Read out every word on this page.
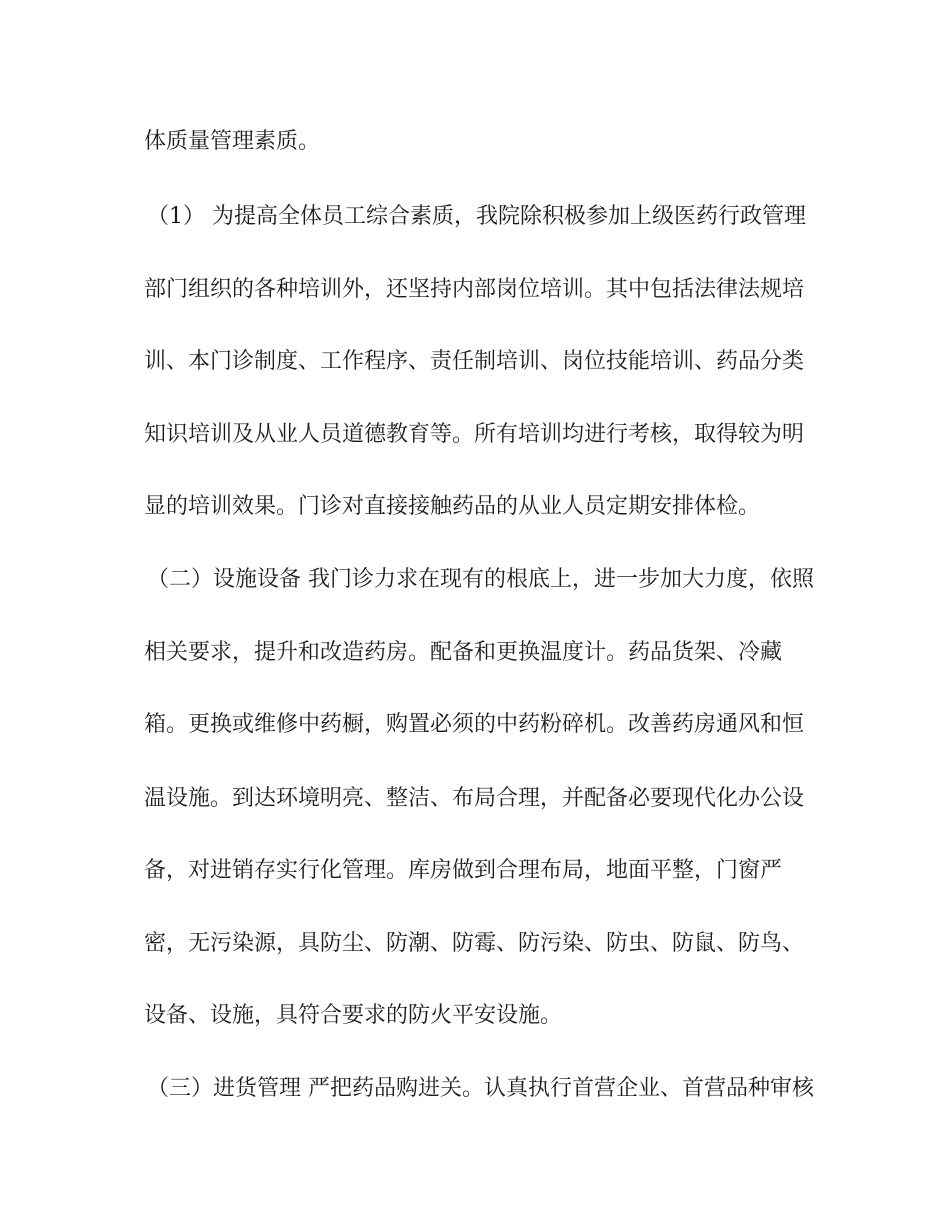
体质量管理素质。
（1） 为提高全体员工综合素质，我院除积极参加上级医药行政管理
部门组织的各种培训外，还坚持内部岗位培训。其中包括法律法规培
训、本门诊制度、工作程序、责任制培训、岗位技能培训、药品分类
知识培训及从业人员道德教育等。所有培训均进行考核，取得较为明
显的培训效果。门诊对直接接触药品的从业人员定期安排体检。
（二）设施设备 我门诊力求在现有的根底上，进一步加大力度，依照
相关要求，提升和改造药房。配备和更换温度计。药品货架、冷藏
箱。更换或维修中药橱，购置必须的中药粉碎机。改善药房通风和恒
温设施。到达环境明亮、整洁、布局合理，并配备必要现代化办公设
备，对进销存实行化管理。库房做到合理布局，地面平整，门窗严
密，无污染源，具防尘、防潮、防霉、防污染、防虫、防鼠、防鸟、
设备、设施，具符合要求的防火平安设施。
（三）进货管理 严把药品购进关。认真执行首营企业、首营品种审核
